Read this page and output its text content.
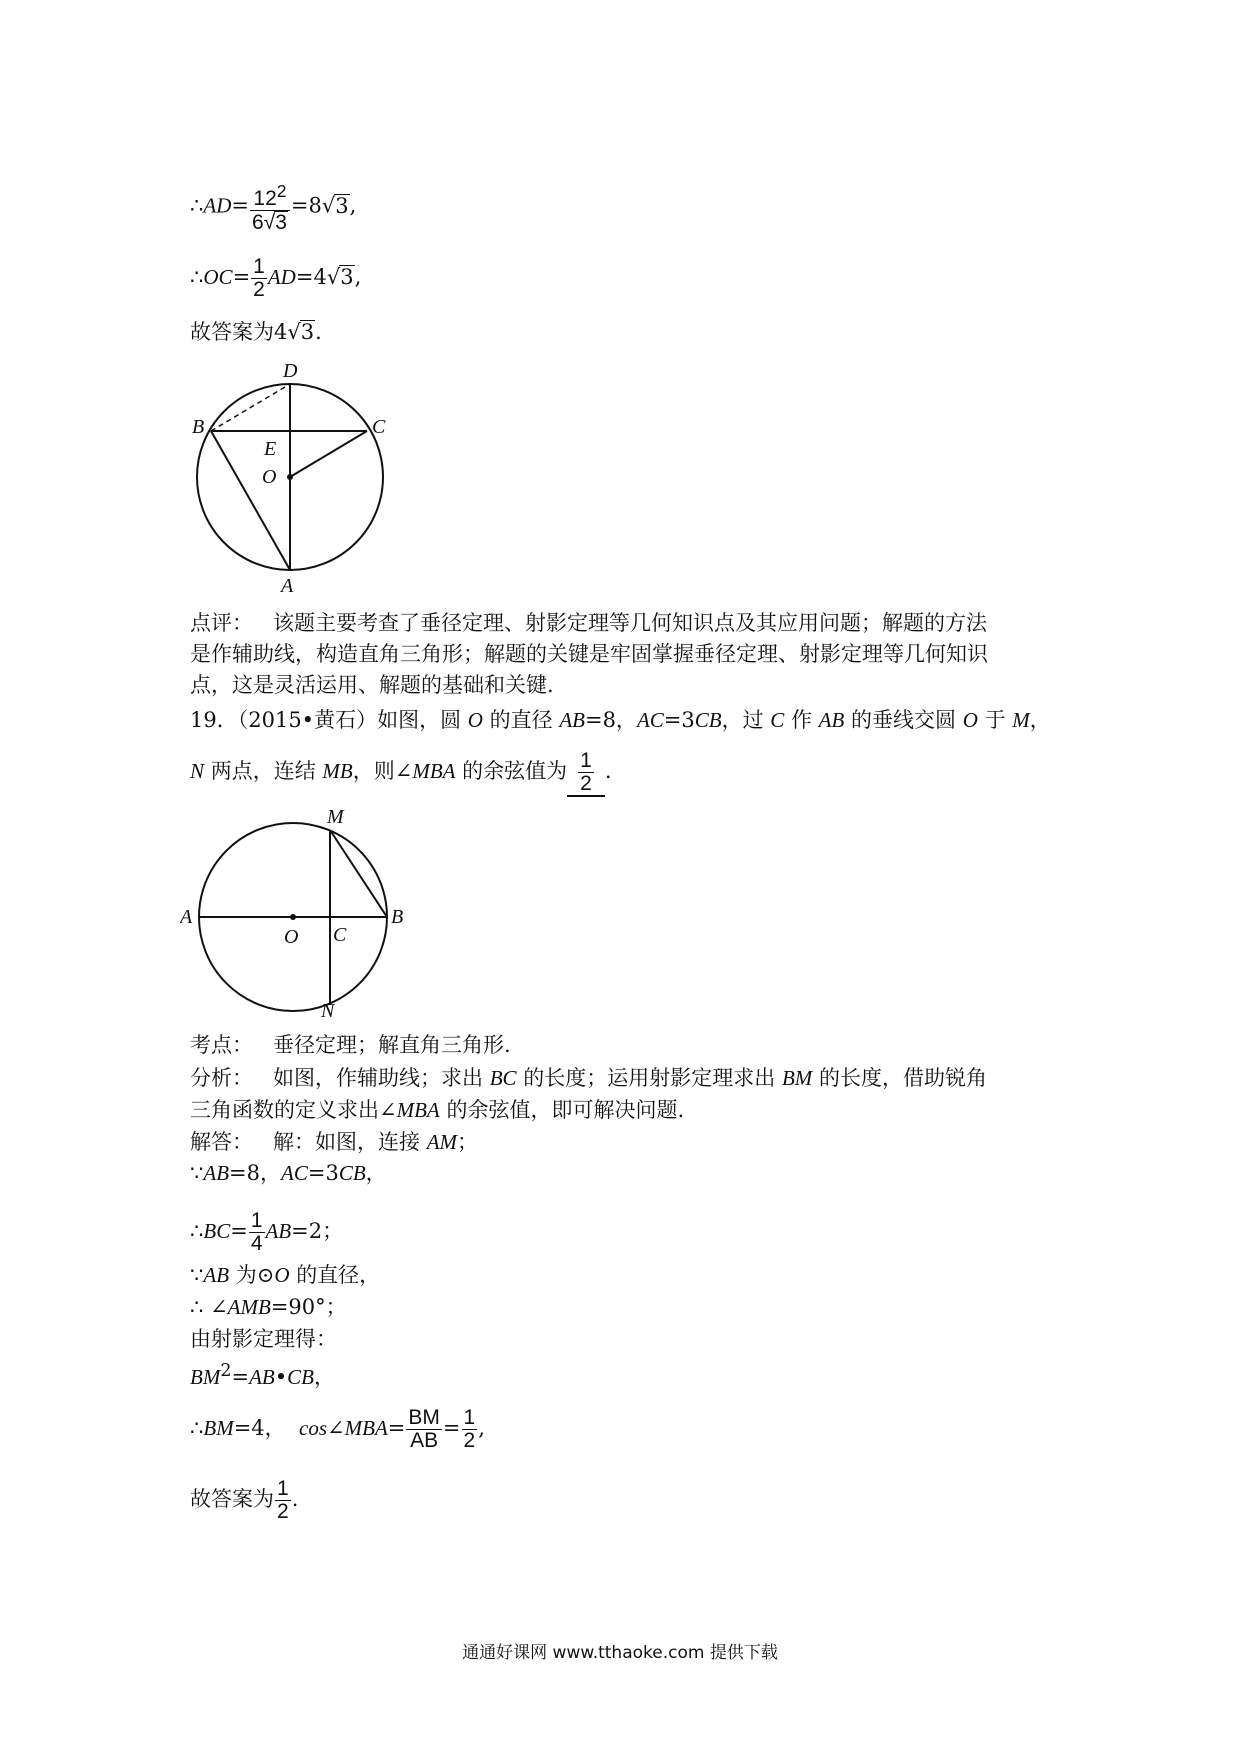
∴AD= $\frac{12^2}{6√3} =8√3$,
∴OC= $\frac{1}{2} AD=4√3$,
故答案为4√3.
D
B	C
E
O
A
点评： 该题主要考查了垂径定理、射影定理等几何知识点及其应用问题；解题的方法
是作辅助线，构造直角三角形；解题的关键是牢固掌握垂径定理、射影定理等几何知识
点，这是灵活运用、解题的基础和关键.
19．（2015•黄石）如图，圆 O 的直径 AB=8，AC=3CB，过 C 作 AB 的垂线交圆 O 于 M，
N 两点，连结 MB，则∠MBA 的余弦值为 $\frac{1}{2}$ .
M
A
O C
B
N
考点： 垂径定理；解直角三角形.
分析： 如图，作辅助线；求出 BC 的长度；运用射影定理求出 BM 的长度，借助锐角
三角函数的定义求出∠MBA 的余弦值，即可解决问题.
解答： 解：如图，连接 AM；
∵AB=8，AC=3CB，
∴BC= $\frac{1}{4} AB=2$；
∵AB 为⊙O 的直径，
∴ ∠AMB=90°；
由射影定理得：
$BM^2=AB•CB$，
∴BM=4， cos∠MBA= $\frac{BM}{AB} = \frac{1}{2}$ ,
故答案为 $\frac{1}{2}$ .
通通好课网 www.tthaoke.com 提供下载
